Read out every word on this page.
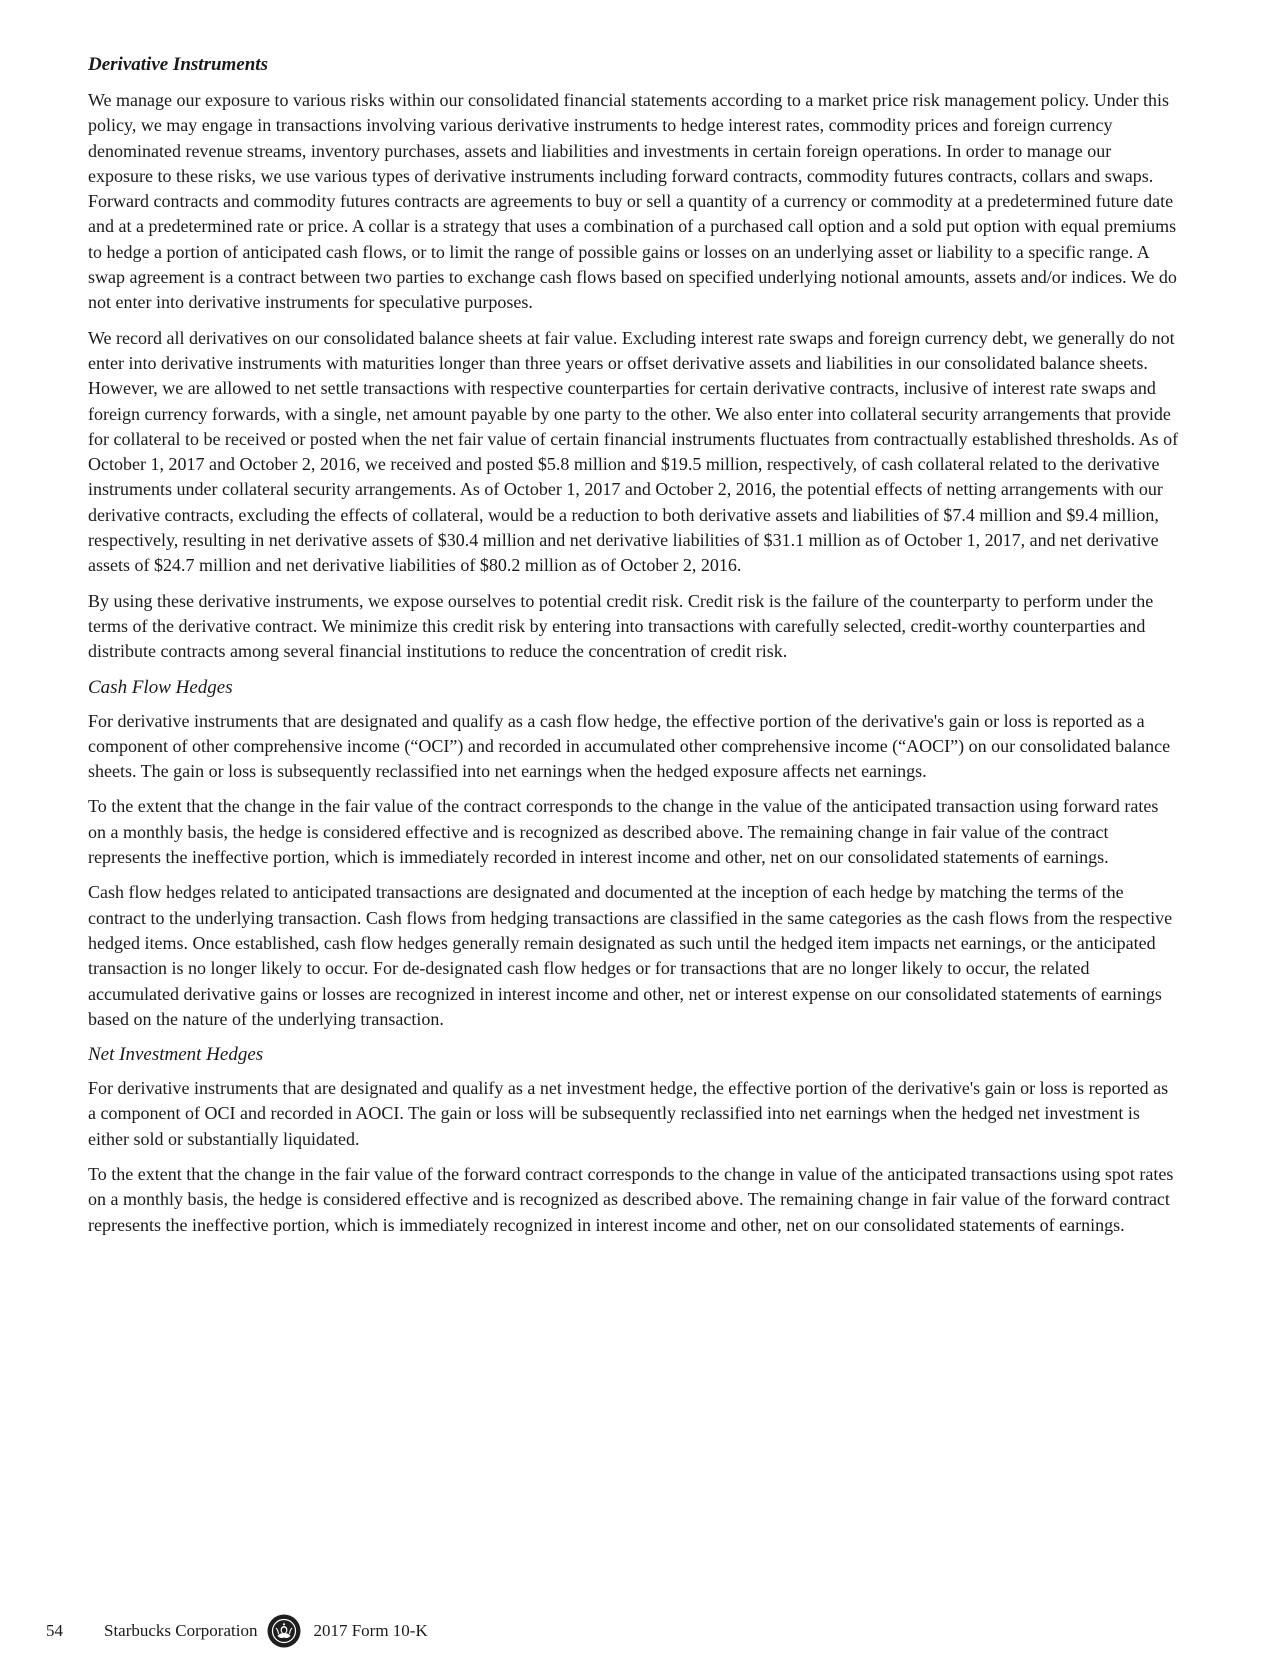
Derivative Instruments

We manage our exposure to various risks within our consolidated financial statements according to a market price risk management policy. Under this policy, we may engage in transactions involving various derivative instruments to hedge interest rates, commodity prices and foreign currency denominated revenue streams, inventory purchases, assets and liabilities and investments in certain foreign operations. In order to manage our exposure to these risks, we use various types of derivative instruments including forward contracts, commodity futures contracts, collars and swaps. Forward contracts and commodity futures contracts are agreements to buy or sell a quantity of a currency or commodity at a predetermined future date and at a predetermined rate or price. A collar is a strategy that uses a combination of a purchased call option and a sold put option with equal premiums to hedge a portion of anticipated cash flows, or to limit the range of possible gains or losses on an underlying asset or liability to a specific range. A swap agreement is a contract between two parties to exchange cash flows based on specified underlying notional amounts, assets and/or indices. We do not enter into derivative instruments for speculative purposes.

We record all derivatives on our consolidated balance sheets at fair value. Excluding interest rate swaps and foreign currency debt, we generally do not enter into derivative instruments with maturities longer than three years or offset derivative assets and liabilities in our consolidated balance sheets. However, we are allowed to net settle transactions with respective counterparties for certain derivative contracts, inclusive of interest rate swaps and foreign currency forwards, with a single, net amount payable by one party to the other. We also enter into collateral security arrangements that provide for collateral to be received or posted when the net fair value of certain financial instruments fluctuates from contractually established thresholds. As of October 1, 2017 and October 2, 2016, we received and posted $5.8 million and $19.5 million, respectively, of cash collateral related to the derivative instruments under collateral security arrangements. As of October 1, 2017 and October 2, 2016, the potential effects of netting arrangements with our derivative contracts, excluding the effects of collateral, would be a reduction to both derivative assets and liabilities of $7.4 million and $9.4 million, respectively, resulting in net derivative assets of $30.4 million and net derivative liabilities of $31.1 million as of October 1, 2017, and net derivative assets of $24.7 million and net derivative liabilities of $80.2 million as of October 2, 2016.

By using these derivative instruments, we expose ourselves to potential credit risk. Credit risk is the failure of the counterparty to perform under the terms of the derivative contract. We minimize this credit risk by entering into transactions with carefully selected, credit-worthy counterparties and distribute contracts among several financial institutions to reduce the concentration of credit risk.

Cash Flow Hedges

For derivative instruments that are designated and qualify as a cash flow hedge, the effective portion of the derivative's gain or loss is reported as a component of other comprehensive income (“OCI”) and recorded in accumulated other comprehensive income (“AOCI”) on our consolidated balance sheets. The gain or loss is subsequently reclassified into net earnings when the hedged exposure affects net earnings.

To the extent that the change in the fair value of the contract corresponds to the change in the value of the anticipated transaction using forward rates on a monthly basis, the hedge is considered effective and is recognized as described above. The remaining change in fair value of the contract represents the ineffective portion, which is immediately recorded in interest income and other, net on our consolidated statements of earnings.

Cash flow hedges related to anticipated transactions are designated and documented at the inception of each hedge by matching the terms of the contract to the underlying transaction. Cash flows from hedging transactions are classified in the same categories as the cash flows from the respective hedged items. Once established, cash flow hedges generally remain designated as such until the hedged item impacts net earnings, or the anticipated transaction is no longer likely to occur. For de-designated cash flow hedges or for transactions that are no longer likely to occur, the related accumulated derivative gains or losses are recognized in interest income and other, net or interest expense on our consolidated statements of earnings based on the nature of the underlying transaction.

Net Investment Hedges

For derivative instruments that are designated and qualify as a net investment hedge, the effective portion of the derivative's gain or loss is reported as a component of OCI and recorded in AOCI. The gain or loss will be subsequently reclassified into net earnings when the hedged net investment is either sold or substantially liquidated.

To the extent that the change in the fair value of the forward contract corresponds to the change in value of the anticipated transactions using spot rates on a monthly basis, the hedge is considered effective and is recognized as described above. The remaining change in fair value of the forward contract represents the ineffective portion, which is immediately recognized in interest income and other, net on our consolidated statements of earnings.

54	Starbucks Corporation	2017 Form 10-K
